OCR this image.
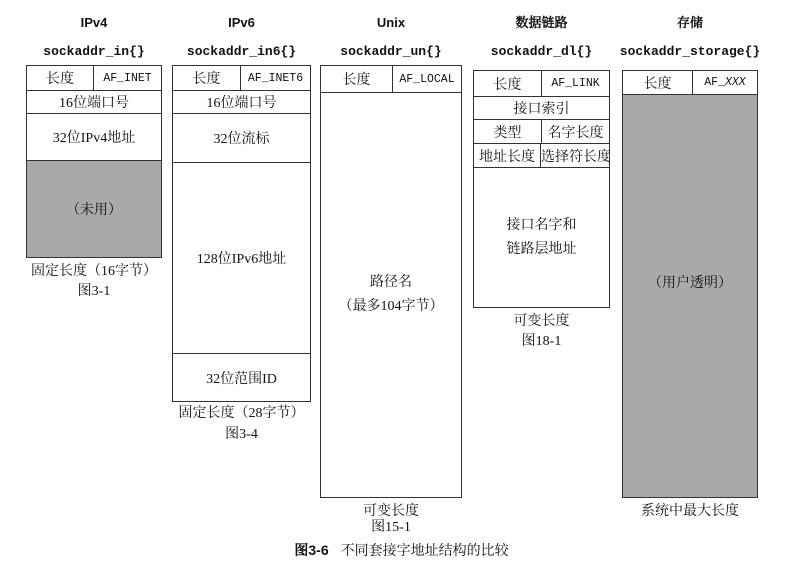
IPv4
sockaddr_in{}
长度	AF_INET
16位端口号
32位IPv4地址
（未用）
固定长度（16字节）
图3-1
IPv6
sockaddr_in6{}
长度	AF_INET6
16位端口号
32位流标
128位IPv6地址
32位范围ID
固定长度（28字节）
图3-4
Unix
sockaddr_un{}
长度	AF_LOCAL
路径名
（最多104字节）
可变长度
图15-1
数据链路
sockaddr_dl{}
长度	AF_LINK
接口索引
类型	名字长度
地址长度 选择符长度
接口名字和
链路层地址
可变长度
图18-1
存储
sockaddr_storage{}
长度	AF_ XXX
（用户透明）
系统中最大长度
图3-6 不同套接字地址结构的比较
